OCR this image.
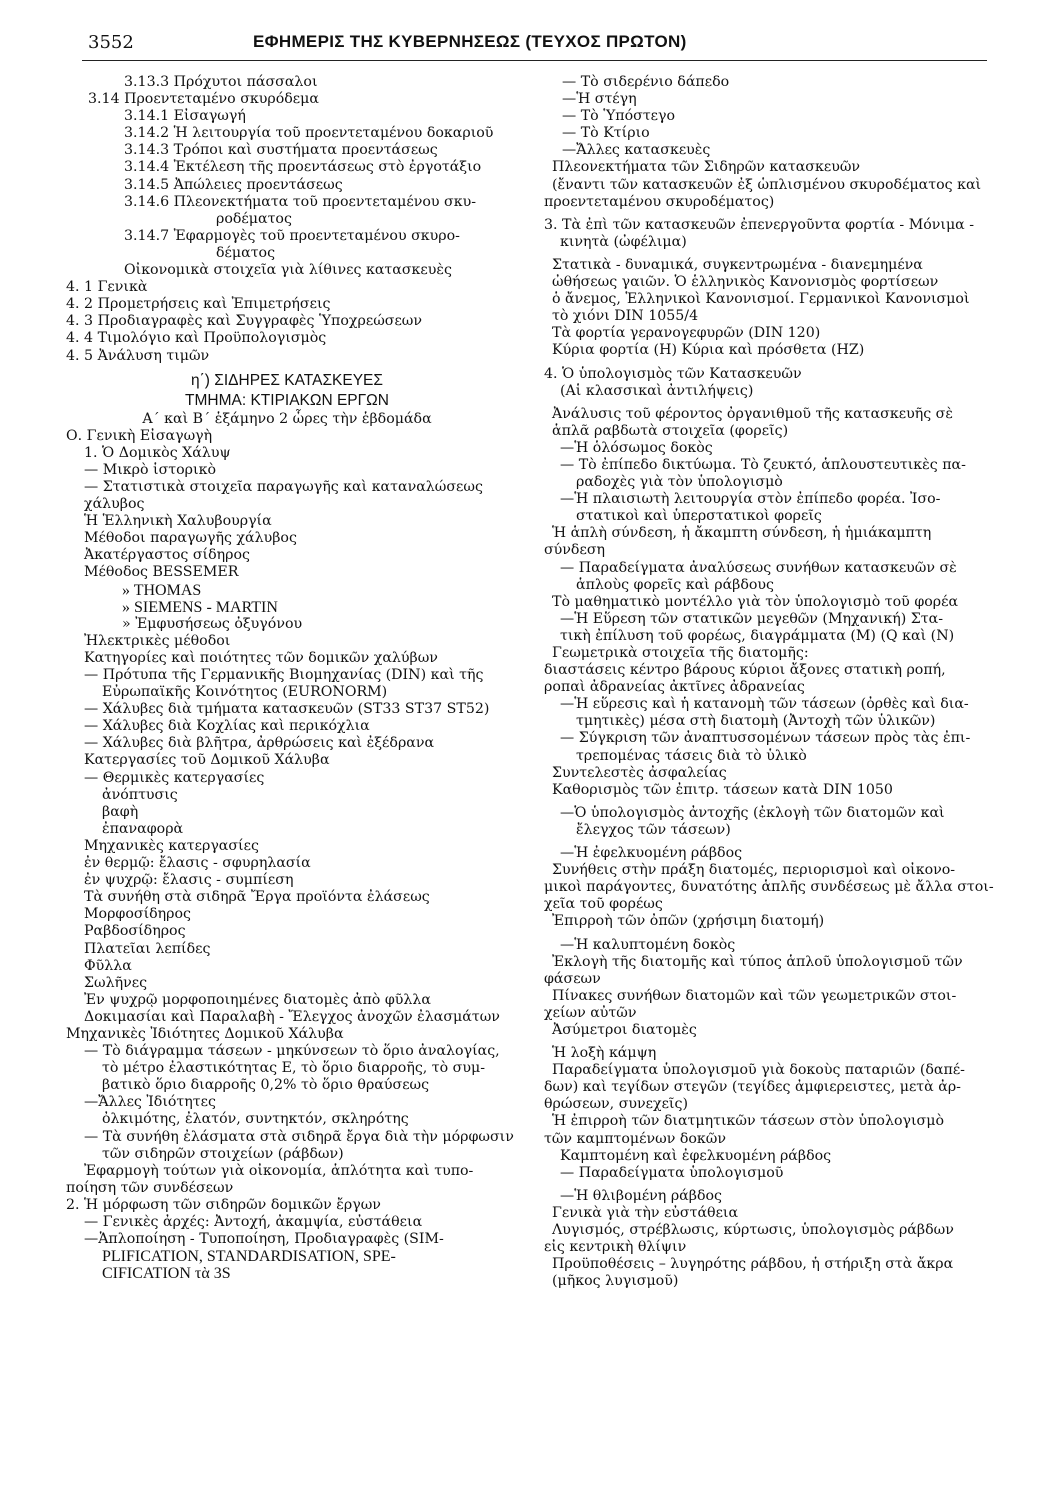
3552	ΕΦΗΜΕΡΙΣ ΤΗΣ ΚΥΒΕΡΝΗΣΕΩΣ (ΤΕΥΧΟΣ ΠΡΩΤΟΝ)
3.13.3 Πρόχυτοι πάσσαλοι
3.14 Προεντεταμένο σκυρόδεμα
3.14.1 Εἰσαγωγή
3.14.2 Ἡ λειτουργία τοῦ προεντεταμένου δοκαριοῦ
3.14.3 Τρόποι καὶ συστήματα προεντάσεως
3.14.4 Ἐκτέλεση τῆς προεντάσεως στὸ ἐργοτάξιο
3.14.5 Ἀπώλειες προεντάσεως
3.14.6 Πλεονεκτήματα τοῦ προεντεταμένου σκυ-
ροδέματος
3.14.7 Ἐφαρμογὲς τοῦ προεντεταμένου σκυρο-
δέματος
Οἰκονομικὰ στοιχεῖα γιὰ λίθινες κατασκευὲς
4. 1 Γενικὰ
4. 2 Προμετρήσεις καὶ Ἐπιμετρήσεις
4. 3 Προδιαγραφὲς καὶ Συγγραφὲς Ὑποχρεώσεων
4. 4 Τιμολόγιο καὶ Προϋπολογισμὸς
4. 5 Ἀνάλυση τιμῶν
η΄) ΣΙΔΗΡΕΣ ΚΑΤΑΣΚΕΥΕΣ
ΤΜΗΜΑ: ΚΤΙΡΙΑΚΩΝ ΕΡΓΩΝ
Α΄ καὶ Β΄ ἑξάμηνο 2 ὧρες τὴν ἑβδομάδα
Ο. Γενικὴ Εἰσαγωγὴ
1. Ὁ Δομικὸς Χάλυψ
— Μικρὸ ἱστορικὸ
— Στατιστικὰ στοιχεῖα παραγωγῆς καὶ καταναλώσεως
χάλυβος
Ἡ Ἑλληνικὴ Χαλυβουργία
Μέθοδοι παραγωγῆς χάλυβος
Ἀκατέργαστος σίδηρος
Μέθοδος BESSEMER
» THOMAS
» SIEMENS - MARTIN
» Ἐμφυσήσεως ὀξυγόνου
Ἠλεκτρικὲς μέθοδοι
Κατηγορίες καὶ ποιότητες τῶν δομικῶν χαλύβων
— Πρότυπα τῆς Γερμανικῆς Βιομηχανίας (DIN) καὶ τῆς
Εὐρωπαϊκῆς Κοινότητος (EURONORM)
— Χάλυβες διὰ τμήματα κατασκευῶν (ST33 ST37 ST52)
— Χάλυβες διὰ Κοχλίας καὶ περικόχλια
— Χάλυβες διὰ βλῆτρα, ἀρθρώσεις καὶ ἐξέδρανα
Κατεργασίες τοῦ Δομικοῦ Χάλυβα
— Θερμικὲς κατεργασίες
ἀνόπτυσις
βαφὴ
ἐπαναφορὰ
Μηχανικὲς κατεργασίες
ἐν θερμῷ: ἔλασις - σφυρηλασία
ἐν ψυχρῷ: ἔλασις - συμπίεση
Τὰ συνήθη στὰ σιδηρᾶ Ἔργα προϊόντα ἐλάσεως
Μορφοσίδηρος
Ραβδοσίδηρος
Πλατεῖαι λεπίδες
Φῦλλα
Σωλῆνες
Ἐν ψυχρῷ μορφοποιημένες διατομὲς ἀπὸ φῦλλα
Δοκιμασίαι καὶ Παραλαβὴ - Ἔλεγχος ἀνοχῶν ἐλασμάτων
Μηχανικὲς Ἰδιότητες Δομικοῦ Χάλυβα
— Τὸ διάγραμμα τάσεων - μηκύνσεων τὸ ὅριο ἀναλογίας,
τὸ μέτρο ἐλαστικότητας Ε, τὸ ὅριο διαρροῆς, τὸ συμ-
βατικὸ ὅριο διαρροῆς 0,2% τὸ ὅριο θραύσεως
—Ἄλλες Ἰδιότητες
ὀλκιμότης, ἐλατόν, συντηκτόν, σκληρότης
— Τὰ συνήθη ἐλάσματα στὰ σιδηρᾶ ἔργα διὰ τὴν μόρφωσιν
τῶν σιδηρῶν στοιχείων (ράβδων)
Ἐφαρμογὴ τούτων γιὰ οἰκονομία, ἁπλότητα καὶ τυπο-
ποίηση τῶν συνδέσεων
2. Ἡ μόρφωση τῶν σιδηρῶν δομικῶν ἔργων
— Γενικὲς ἀρχές: Ἀντοχή, ἀκαμψία, εὐστάθεια
—Ἁπλοποίηση - Τυποποίηση, Προδιαγραφὲς (SIM-
PLIFICATION, STANDARDISATION, SPE-
CIFICATION τὰ 3S
— Τὸ σιδερένιο δάπεδο
—Ἡ στέγη
— Τὸ Ὑπόστεγο
— Τὸ Κτίριο
—Ἄλλες κατασκευὲς
Πλεονεκτήματα τῶν Σιδηρῶν κατασκευῶν
(ἔναντι τῶν κατασκευῶν ἐξ ὡπλισμένου σκυροδέματος καὶ
προεντεταμένου σκυροδέματος)
3. Τὰ ἐπὶ τῶν κατασκευῶν ἐπενεργοῦντα φορτία - Μόνιμα -
κινητὰ (ὠφέλιμα)
Στατικὰ - δυναμικά, συγκεντρωμένα - διανεμημένα
ὠθήσεως γαιῶν. Ὁ ἑλληνικὸς Κανονισμὸς φορτίσεων
ὁ ἄνεμος, Ἑλληνικοὶ Κανονισμοί. Γερμανικοὶ Κανονισμοὶ
τὸ χιόνι DIN 1055/4
Τὰ φορτία γερανογεφυρῶν (DIN 120)
Κύρια φορτία (H) Κύρια καὶ πρόσθετα (HZ)
4. Ὁ ὑπολογισμὸς τῶν Κατασκευῶν
(Αἱ κλασσικαὶ ἀντιλήψεις)
Ἀνάλυσις τοῦ φέροντος ὀργανιθμοῦ τῆς κατασκευῆς σὲ
ἁπλᾶ ραβδωτὰ στοιχεῖα (φορεῖς)
—Ἡ ὁλόσωμος δοκὸς
— Τὸ ἐπίπεδο δικτύωμα. Τὸ ζευκτό, ἁπλουστευτικὲς πα-
ραδοχὲς γιὰ τὸν ὑπολογισμὸ
—Ἡ πλαισιωτὴ λειτουργία στὸν ἐπίπεδο φορέα. Ἰσο-
στατικοὶ καὶ ὑπερστατικοὶ φορεῖς
Ἡ ἁπλὴ σύνδεση, ἡ ἄκαμπτη σύνδεση, ἡ ἡμιάκαμπτη
σύνδεση
— Παραδείγματα ἀναλύσεως συνήθων κατασκευῶν σὲ
ἁπλοὺς φορεῖς καὶ ράβδους
Τὸ μαθηματικὸ μοντέλλο γιὰ τὸν ὑπολογισμὸ τοῦ φορέα
—Ἡ Εὕρεση τῶν στατικῶν μεγεθῶν (Μηχανική) Στα-
τικὴ ἐπίλυση τοῦ φορέως, διαγράμματα (M) (Q καὶ (N)
Γεωμετρικὰ στοιχεῖα τῆς διατομῆς:
διαστάσεις κέντρο βάρους κύριοι ἄξονες στατικὴ ροπή,
ροπαὶ ἀδρανείας ἀκτῖνες ἀδρανείας
—Ἡ εὕρεσις καὶ ἡ κατανομὴ τῶν τάσεων (ὀρθὲς καὶ δια-
τμητικὲς) μέσα στὴ διατομὴ (Ἀντοχὴ τῶν ὑλικῶν)
— Σύγκριση τῶν ἀναπτυσσομένων τάσεων πρὸς τὰς ἐπι-
τρεπομένας τάσεις διὰ τὸ ὑλικὸ
Συντελεστὲς ἀσφαλείας
Καθορισμὸς τῶν ἐπιτρ. τάσεων κατὰ DIN 1050
—Ὁ ὑπολογισμὸς ἀντοχῆς (ἐκλογὴ τῶν διατομῶν καὶ
ἔλεγχος τῶν τάσεων)
—Ἡ ἐφελκυομένη ράβδος
Συνήθεις στὴν πράξη διατομές, περιορισμοὶ καὶ οἰκονο-
μικοὶ παράγοντες, δυνατότης ἁπλῆς συνδέσεως μὲ ἄλλα στοι-
χεῖα τοῦ φορέως
Ἐπιρροὴ τῶν ὀπῶν (χρήσιμη διατομή)
—Ἡ καλυπτομένη δοκὸς
Ἐκλογὴ τῆς διατομῆς καὶ τύπος ἁπλοῦ ὑπολογισμοῦ τῶν
φάσεων
Πίνακες συνήθων διατομῶν καὶ τῶν γεωμετρικῶν στοι-
χείων αὐτῶν
Ἀσύμετροι διατομὲς
Ἡ λοξὴ κάμψη
Παραδείγματα ὑπολογισμοῦ γιὰ δοκοὺς παταριῶν (δαπέ-
δων) καὶ τεγίδων στεγῶν (τεγίδες ἀμφιερειστες, μετὰ ἀρ-
θρώσεων, συνεχεῖς)
Ἡ ἐπιρροὴ τῶν διατμητικῶν τάσεων στὸν ὑπολογισμὸ
τῶν καμπτομένων δοκῶν
Καμπτομένη καὶ ἐφελκυομένη ράβδος
— Παραδείγματα ὑπολογισμοῦ
—Ἡ θλιβομένη ράβδος
Γενικὰ γιὰ τὴν εὐστάθεια
Λυγισμός, στρέβλωσις, κύρτωσις, ὑπολογισμὸς ράβδων
εἰς κεντρικὴ θλίψιν
Προϋποθέσεις – λυγηρότης ράβδου, ἡ στήριξη στὰ ἄκρα
(μῆκος λυγισμοῦ)
